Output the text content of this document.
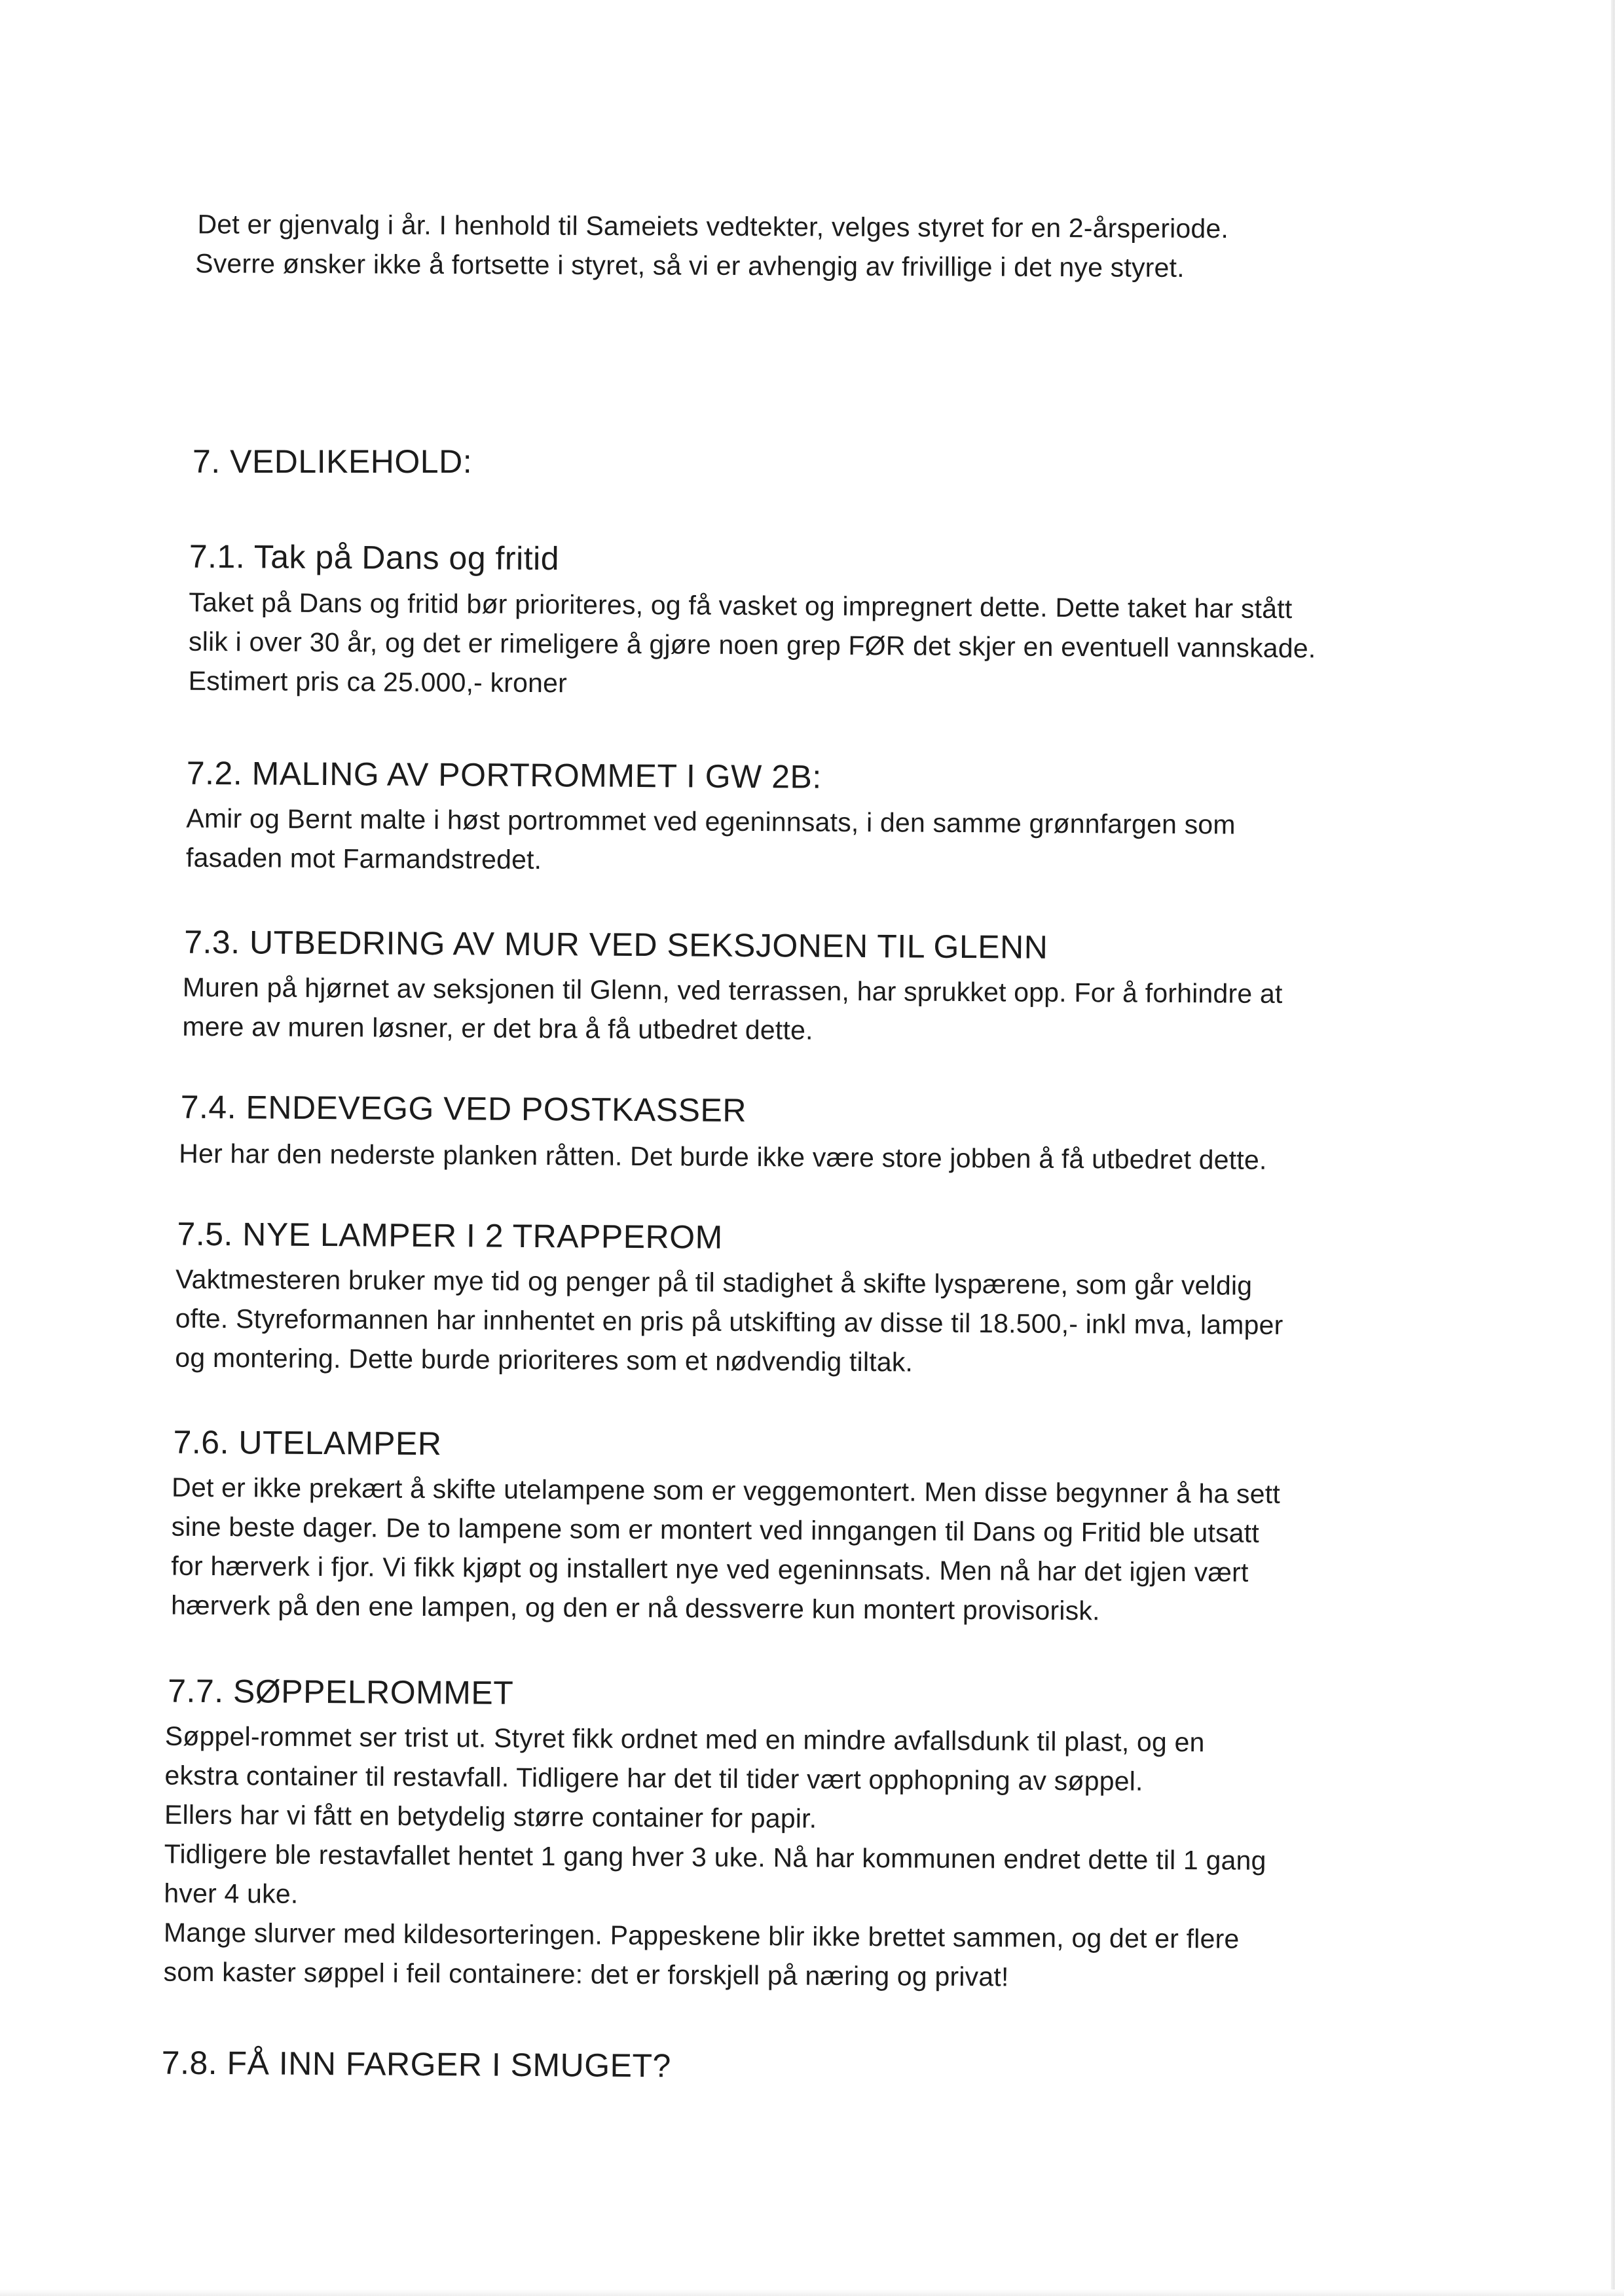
Det er gjenvalg i år. I henhold til Sameiets vedtekter, velges styret for en 2-årsperiode.
Sverre ønsker ikke å fortsette i styret, så vi er avhengig av frivillige i det nye styret.
7. VEDLIKEHOLD:
7.1. Tak på Dans og fritid
Taket på Dans og fritid bør prioriteres, og få vasket og impregnert dette. Dette taket har stått
slik i over 30 år, og det er rimeligere å gjøre noen grep FØR det skjer en eventuell vannskade.
Estimert pris ca 25.000,- kroner
7.2. MALING AV PORTROMMET I GW 2B:
Amir og Bernt malte i høst portrommet ved egeninnsats, i den samme grønnfargen som
fasaden mot Farmandstredet.
7.3. UTBEDRING AV MUR VED SEKSJONEN TIL GLENN
Muren på hjørnet av seksjonen til Glenn, ved terrassen, har sprukket opp. For å forhindre at
mere av muren løsner, er det bra å få utbedret dette.
7.4. ENDEVEGG VED POSTKASSER
Her har den nederste planken råtten. Det burde ikke være store jobben å få utbedret dette.
7.5. NYE LAMPER I 2 TRAPPEROM
Vaktmesteren bruker mye tid og penger på til stadighet å skifte lyspærene, som går veldig
ofte. Styreformannen har innhentet en pris på utskifting av disse til 18.500,- inkl mva, lamper
og montering. Dette burde prioriteres som et nødvendig tiltak.
7.6. UTELAMPER
Det er ikke prekært å skifte utelampene som er veggemontert. Men disse begynner å ha sett
sine beste dager. De to lampene som er montert ved inngangen til Dans og Fritid ble utsatt
for hærverk i fjor. Vi fikk kjøpt og installert nye ved egeninnsats. Men nå har det igjen vært
hærverk på den ene lampen, og den er nå dessverre kun montert provisorisk.
7.7. SØPPELROMMET
Søppel-rommet ser trist ut. Styret fikk ordnet med en mindre avfallsdunk til plast, og en
ekstra container til restavfall. Tidligere har det til tider vært opphopning av søppel.
Ellers har vi fått en betydelig større container for papir.
Tidligere ble restavfallet hentet 1 gang hver 3 uke. Nå har kommunen endret dette til 1 gang
hver 4 uke.
Mange slurver med kildesorteringen. Pappeskene blir ikke brettet sammen, og det er flere
som kaster søppel i feil containere: det er forskjell på næring og privat!
7.8. FÅ INN FARGER I SMUGET?
